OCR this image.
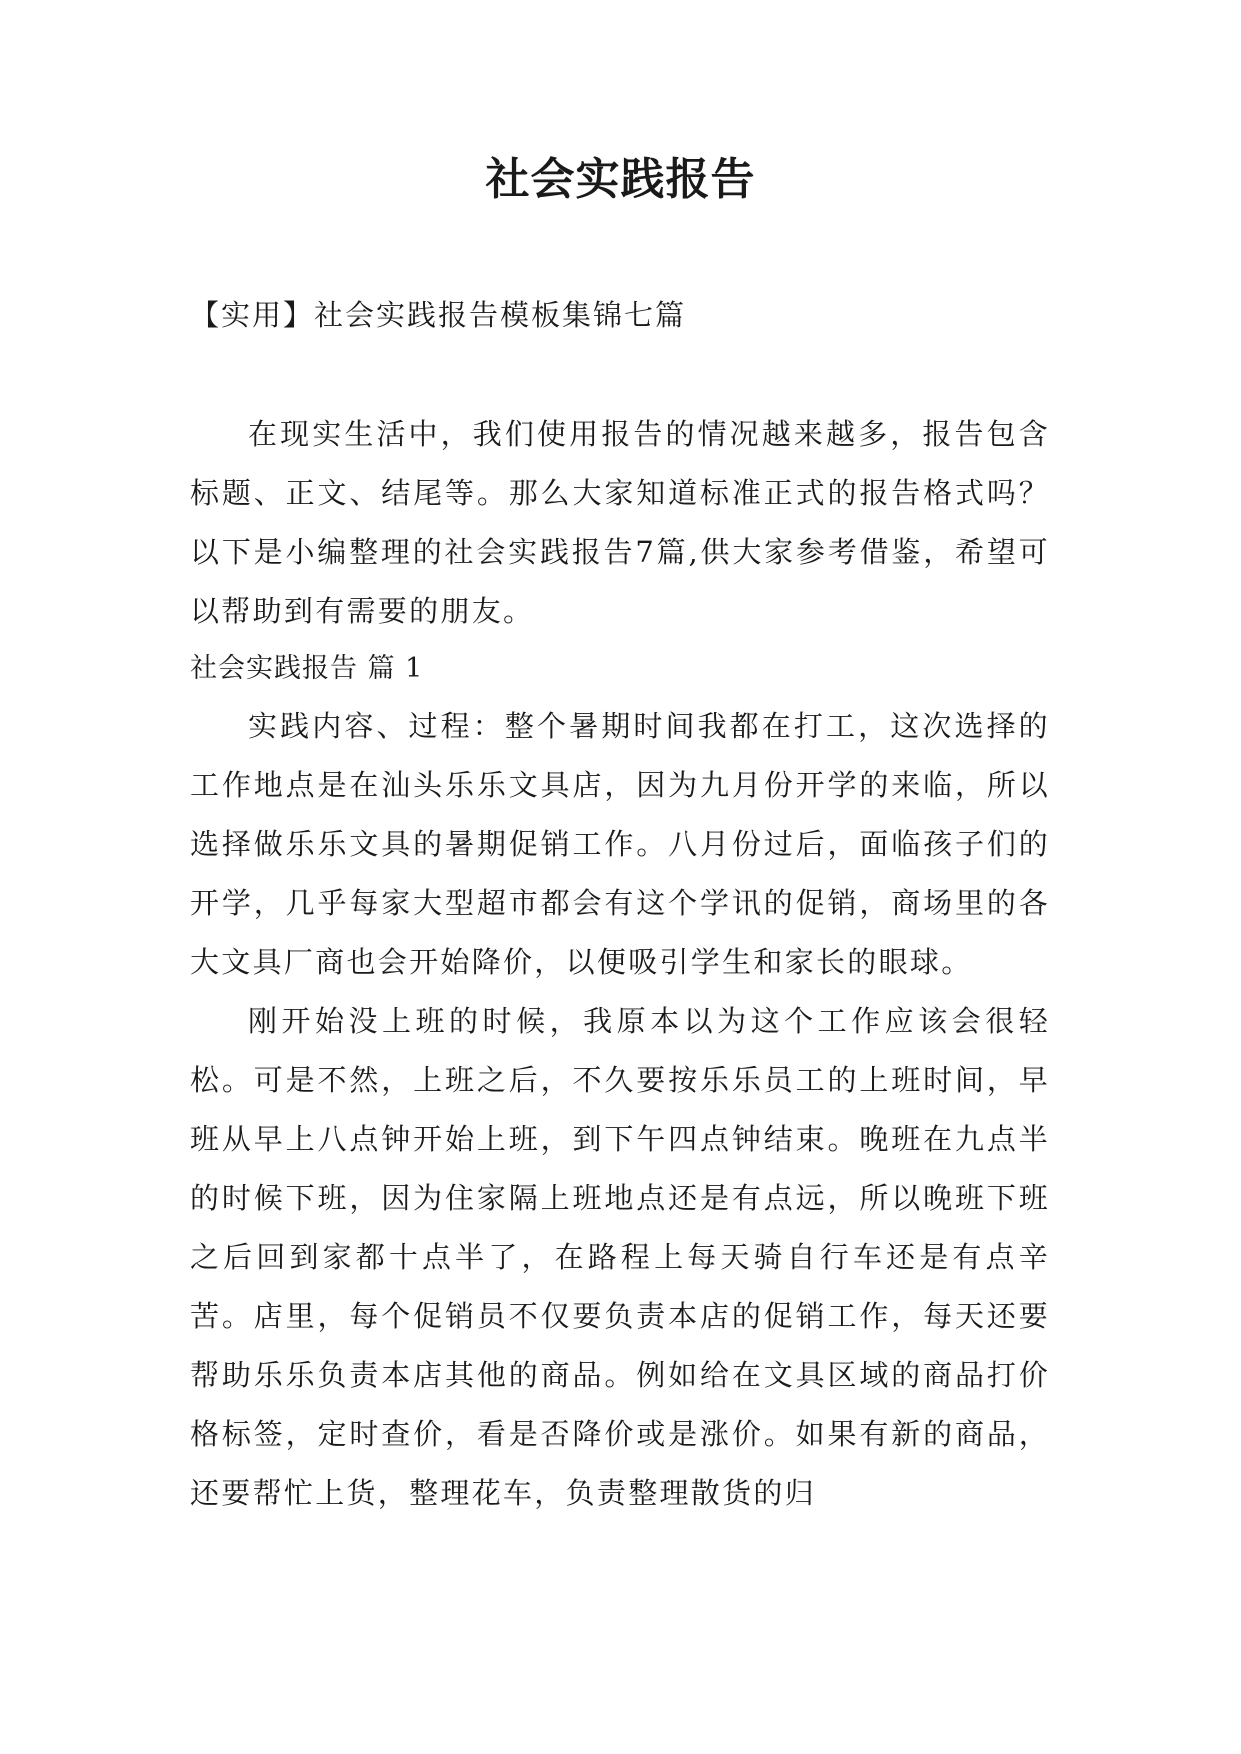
社会实践报告

【实用】社会实践报告模板集锦七篇

在现实生活中，我们使用报告的情况越来越多，报告包含标题、正文、结尾等。那么大家知道标准正式的报告格式吗？以下是小编整理的社会实践报告7篇,供大家参考借鉴，希望可以帮助到有需要的朋友。

社会实践报告 篇 1

实践内容、过程：整个暑期时间我都在打工，这次选择的工作地点是在汕头乐乐文具店，因为九月份开学的来临，所以选择做乐乐文具的暑期促销工作。八月份过后，面临孩子们的开学，几乎每家大型超市都会有这个学讯的促销，商场里的各大文具厂商也会开始降价，以便吸引学生和家长的眼球。

刚开始没上班的时候，我原本以为这个工作应该会很轻松。可是不然，上班之后，不久要按乐乐员工的上班时间，早班从早上八点钟开始上班，到下午四点钟结束。晚班在九点半的时候下班，因为住家隔上班地点还是有点远，所以晚班下班之后回到家都十点半了，在路程上每天骑自行车还是有点辛苦。店里，每个促销员不仅要负责本店的促销工作，每天还要帮助乐乐负责本店其他的商品。例如给在文具区域的商品打价格标签，定时查价，看是否降价或是涨价。如果有新的商品，还要帮忙上货，整理花车，负责整理散货的归
